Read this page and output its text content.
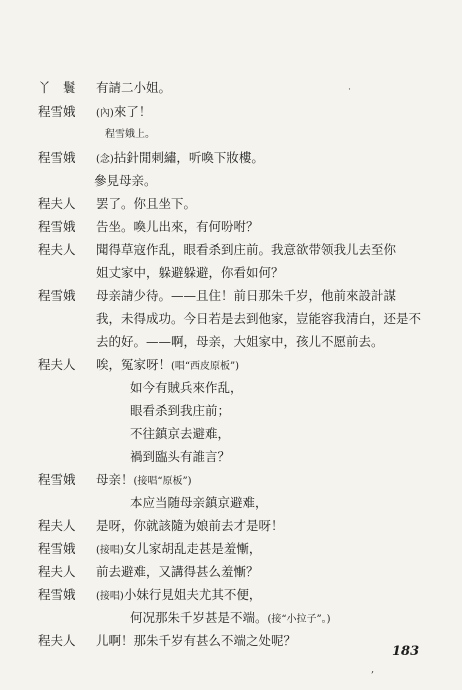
丫　鬟 有請二小姐。
程雪娥 (內)來了！
程雪娥上。
程雪娥 (念)拈針閒刺繡，听喚下妝樓。
參見母亲。
程夫人 罢了。你且坐下。
程雪娥 告坐。喚儿出來，有何吩咐？
程夫人 聞得草寇作乱，眼看杀到庄前。我意欲带领我儿去至你
姐丈家中，躲避躲避，你看如何？
程雪娥 母亲請少待。——且住！前日那朱千岁，他前來設計謀
我，未得成功。今日若是去到他家，豈能容我清白，还是不
去的好。——啊，母亲，大姐家中，孩儿不愿前去。
程夫人 唉，冤家呀！(唱“西皮原板”)
如今有賊兵來作乱，
眼看杀到我庄前；
不往鎮京去避难，
禍到臨头有誰言？
程雪娥 母亲！(接唱“原板”)
本应当随母亲鎮京避难，
程夫人 是呀，你就該隨为娘前去才是呀！
程雪娥 (接唱)女儿家胡乱走甚是羞慚，
程夫人 前去避难，又講得甚么羞慚？
程雪娥 (接唱)小妹行見姐夫尤其不便，
何况那朱千岁甚是不端。(接“小拉子”。)
程夫人 儿啊！那朱千岁有甚么不端之处呢？
183
˙
,
